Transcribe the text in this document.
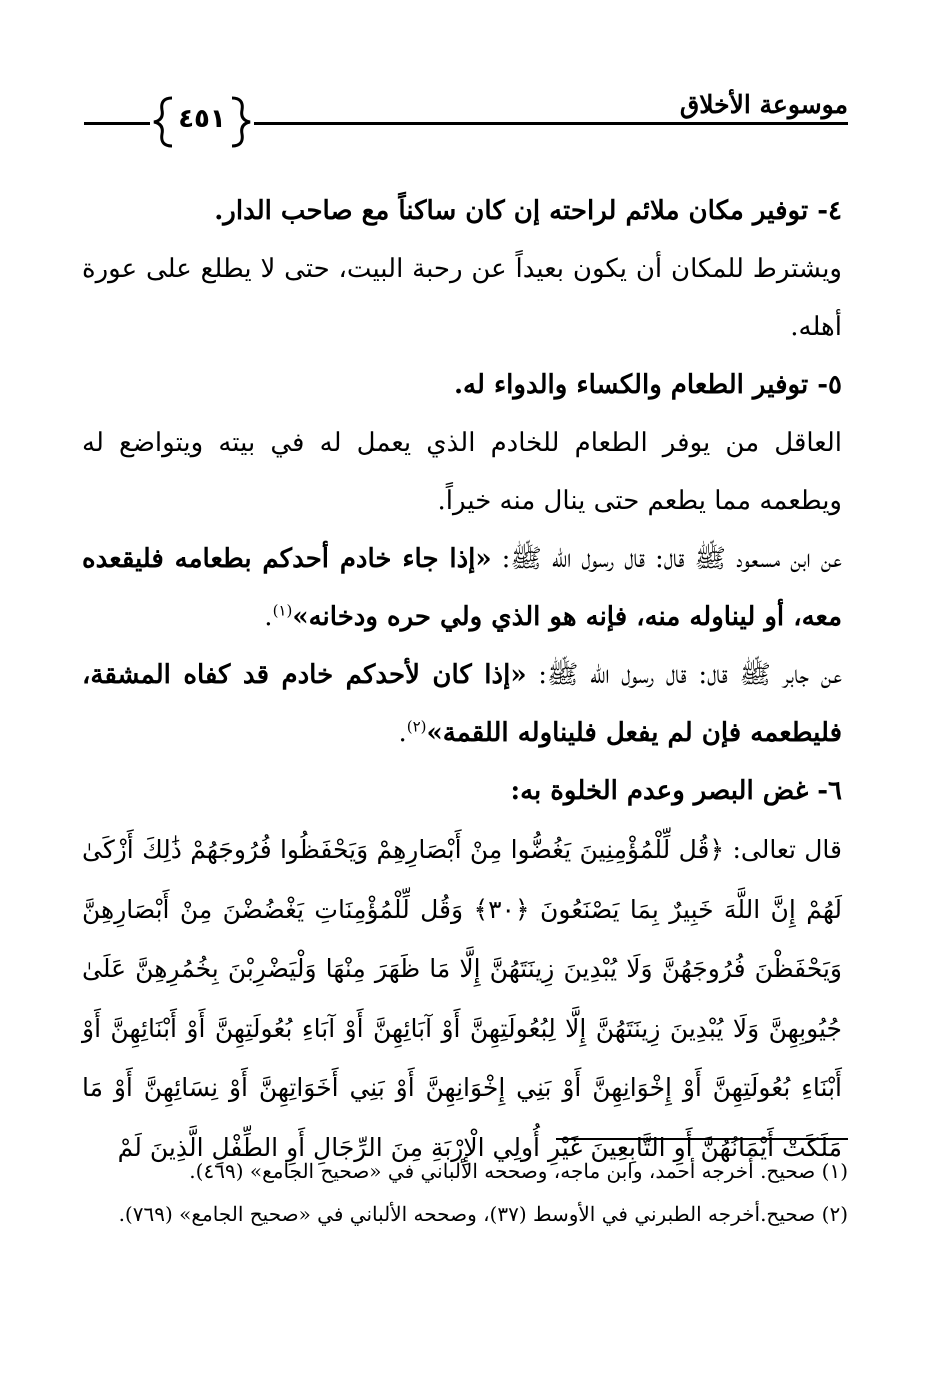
موسوعة الأخلاق
٤٥١

٤- توفير مكان ملائم لراحته إن كان ساكناً مع صاحب الدار.

ويشترط للمكان أن يكون بعيداً عن رحبة البيت، حتى لا يطلع على عورة أهله.

٥- توفير الطعام والكساء والدواء له.

العاقل من يوفر الطعام للخادم الذي يعمل له في بيته ويتواضع له ويطعمه مما يطعم حتى ينال منه خيراً.

عن ابن مسعود ﷺ قال: قال رسول الله ﷺ: «إذا جاء خادم أحدكم بطعامه فليقعده معه، أو ليناوله منه، فإنه هو الذي ولي حره ودخانه»$^{(١)}$.

عن جابر ﷺ قال: قال رسول الله ﷺ: «إذا كان لأحدكم خادم قد كفاه المشقة، فليطعمه فإن لم يفعل فليناوله اللقمة»$^{(٢)}$.

٦- غض البصر وعدم الخلوة به:

قال تعالى: ﴿قُل لِّلْمُؤْمِنِينَ يَغُضُّوا مِنْ أَبْصَارِهِمْ وَيَحْفَظُوا فُرُوجَهُمْ ذَٰلِكَ أَزْكَىٰ لَهُمْ إِنَّ اللَّهَ خَبِيرٌ بِمَا يَصْنَعُونَ ﴿٣٠﴾ وَقُل لِّلْمُؤْمِنَاتِ يَغْضُضْنَ مِنْ أَبْصَارِهِنَّ وَيَحْفَظْنَ فُرُوجَهُنَّ وَلَا يُبْدِينَ زِينَتَهُنَّ إِلَّا مَا ظَهَرَ مِنْهَا وَلْيَضْرِبْنَ بِخُمُرِهِنَّ عَلَىٰ جُيُوبِهِنَّ وَلَا يُبْدِينَ زِينَتَهُنَّ إِلَّا لِبُعُولَتِهِنَّ أَوْ آبَائِهِنَّ أَوْ آبَاءِ بُعُولَتِهِنَّ أَوْ أَبْنَائِهِنَّ أَوْ أَبْنَاءِ بُعُولَتِهِنَّ أَوْ إِخْوَانِهِنَّ أَوْ بَنِي إِخْوَانِهِنَّ أَوْ بَنِي أَخَوَاتِهِنَّ أَوْ نِسَائِهِنَّ أَوْ مَا مَلَكَتْ أَيْمَانُهُنَّ أَوِ التَّابِعِينَ غَيْرِ أُولِي الْإِرْبَةِ مِنَ الرِّجَالِ أَوِ الطِّفْلِ الَّذِينَ لَمْ

(١) صحيح. أخرجه أحمد، وابن ماجه، وصححه الألباني في «صحيح الجامع» (٤٦٩).

(٢) صحيح.أخرجه الطبرني في الأوسط (٣٧)، وصححه الألباني في «صحيح الجامع» (٧٦٩).
